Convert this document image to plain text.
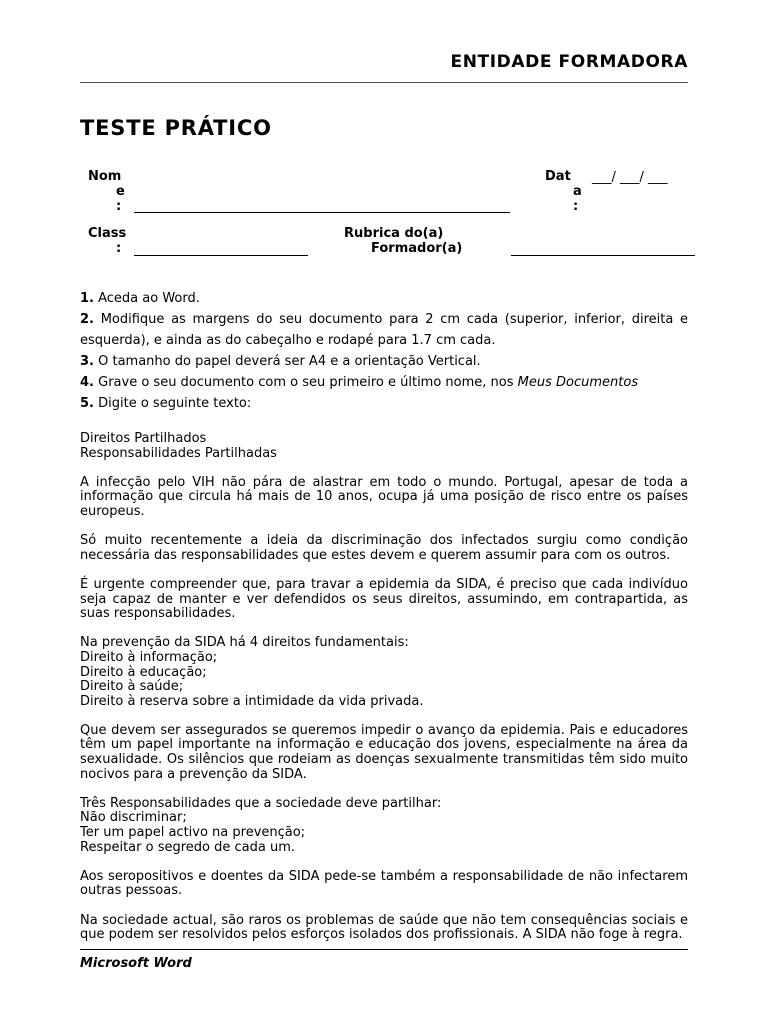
ENTIDADE FORMADORA
TESTE PRÁTICO
Nom
e
:
Dat
a
:
___/ ___/ ___
Class
:
Rubrica do(a)
Formador(a)

1. Aceda ao Word.

2. Modifique as margens do seu documento para 2 cm cada (superior, inferior, direita e esquerda), e ainda as do cabeçalho e rodapé para 1.7 cm cada.

3. O tamanho do papel deverá ser A4 e a orientação Vertical.

4. Grave o seu documento com o seu primeiro e último nome, nos Meus Documentos

5. Digite o seguinte texto:

Direitos Partilhados
Responsabilidades Partilhadas

A infecção pelo VIH não pára de alastrar em todo o mundo. Portugal, apesar de toda a informação que circula há mais de 10 anos, ocupa já uma posição de risco entre os países europeus.

Só muito recentemente a ideia da discriminação dos infectados surgiu como condição necessária das responsabilidades que estes devem e querem assumir para com os outros.

É urgente compreender que, para travar a epidemia da SIDA, é preciso que cada indivíduo seja capaz de manter e ver defendidos os seus direitos, assumindo, em contrapartida, as suas responsabilidades.

Na prevenção da SIDA há 4 direitos fundamentais:
Direito à informação;
Direito à educação;
Direito à saúde;
Direito à reserva sobre a intimidade da vida privada.

Que devem ser assegurados se queremos impedir o avanço da epidemia. Pais e educadores têm um papel importante na informação e educação dos jovens, especialmente na área da sexualidade. Os silêncios que rodeiam as doenças sexualmente transmitidas têm sido muito nocivos para a prevenção da SIDA.

Três Responsabilidades que a sociedade deve partilhar:
Não discriminar;
Ter um papel activo na prevenção;
Respeitar o segredo de cada um.

Aos seropositivos e doentes da SIDA pede-se também a responsabilidade de não infectarem outras pessoas.

Na sociedade actual, são raros os problemas de saúde que não tem consequências sociais e que podem ser resolvidos pelos esforços isolados dos profissionais. A SIDA não foge à regra.

Microsoft Word
